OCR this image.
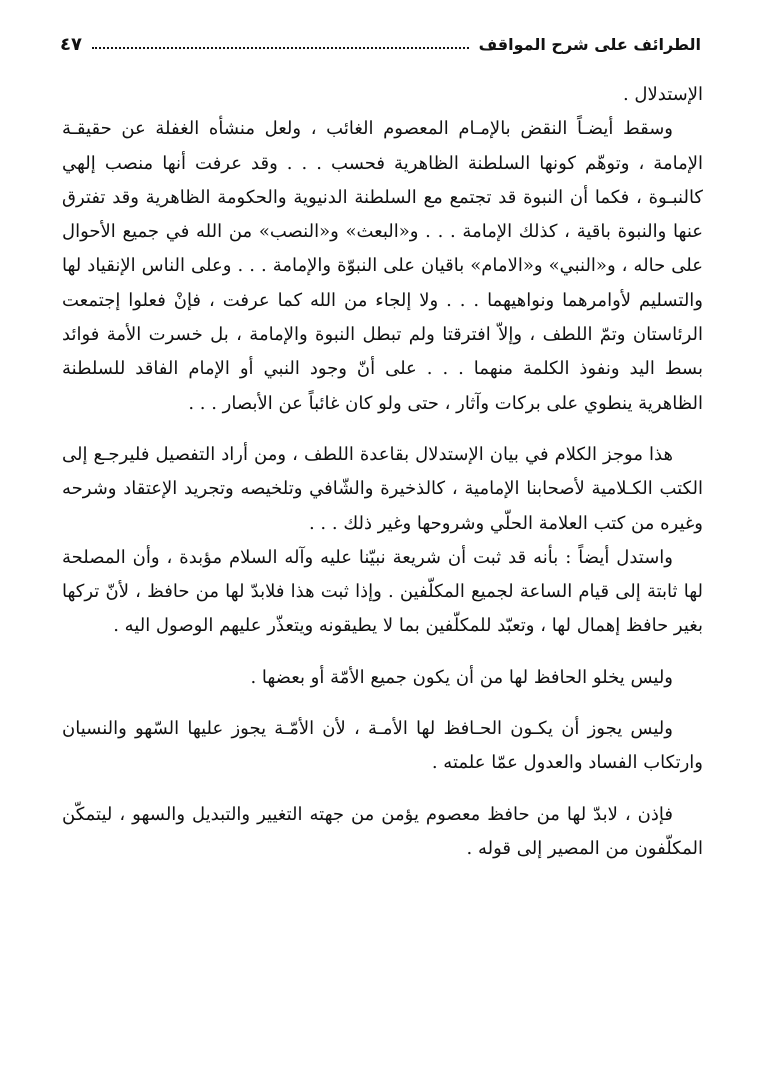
الطرائف على شرح المواقف
٤٧

الإستدلال .

وسقط أيضـاً النقض بالإمـام المعصوم الغائب ، ولعل منشأه الغفلة عن حقيقـة الإمامة ، وتوهّم كونها السلطنة الظاهرية فحسب . . . وقد عرفت أنها منصب إلهي كالنبـوة ، فكما أن النبوة قد تجتمع مع السلطنة الدنيوية والحكومة الظاهرية وقد تفترق عنها والنبوة باقية ، كذلك الإمامة . . . و«البعث» و«النصب» من الله في جميع الأحوال على حاله ، و«النبي» و«الامام» باقيان على النبوّة والإمامة . . . وعلى الناس الإنقياد لها والتسليم لأوامرهما ونواهيهما . . . ولا إلجاء من الله كما عرفت ، فإنْ فعلوا إجتمعت الرئاستان وتمّ اللطف ، وإلاّ افترقتا ولم تبطل النبوة والإمامة ، بل خسرت الأمة فوائد بسط اليد ونفوذ الكلمة منهما . . . على أنّ وجود النبي أو الإمام الفاقد للسلطنة الظاهرية ينطوي على بركات وآثار ، حتى ولو كان غائباً عن الأبصار . . .

هذا موجز الكلام في بيان الإستدلال بقاعدة اللطف ، ومن أراد التفصيل فليرجـع إلى الكتب الكـلامية لأصحابنا الإمامية ، كالذخيرة والشّافي وتلخيصه وتجريد الإعتقاد وشرحه وغيره من كتب العلامة الحلّي وشروحها وغير ذلك . . .

واستدل أيضاً : بأنه قد ثبت أن شريعة نبيّنا عليه وآله السلام مؤبدة ، وأن المصلحة لها ثابتة إلى قيام الساعة لجميع المكلّفين . وإذا ثبت هذا فلابدّ لها من حافظ ، لأنّ تركها بغير حافظ إهمال لها ، وتعبّد للمكلّفين بما لا يطيقونه ويتعذّر عليهم الوصول اليه .

وليس يخلو الحافظ لها من أن يكون جميع الأمّة أو بعضها .

وليس يجوز أن يكـون الحـافظ لها الأمـة ، لأن الأمّـة يجوز عليها السّهو والنسيان وارتكاب الفساد والعدول عمّا علمته .

فإذن ، لابدّ لها من حافظ معصوم يؤمن من جهته التغيير والتبديل والسهو ، ليتمكّن المكلّفون من المصير إلى قوله .
